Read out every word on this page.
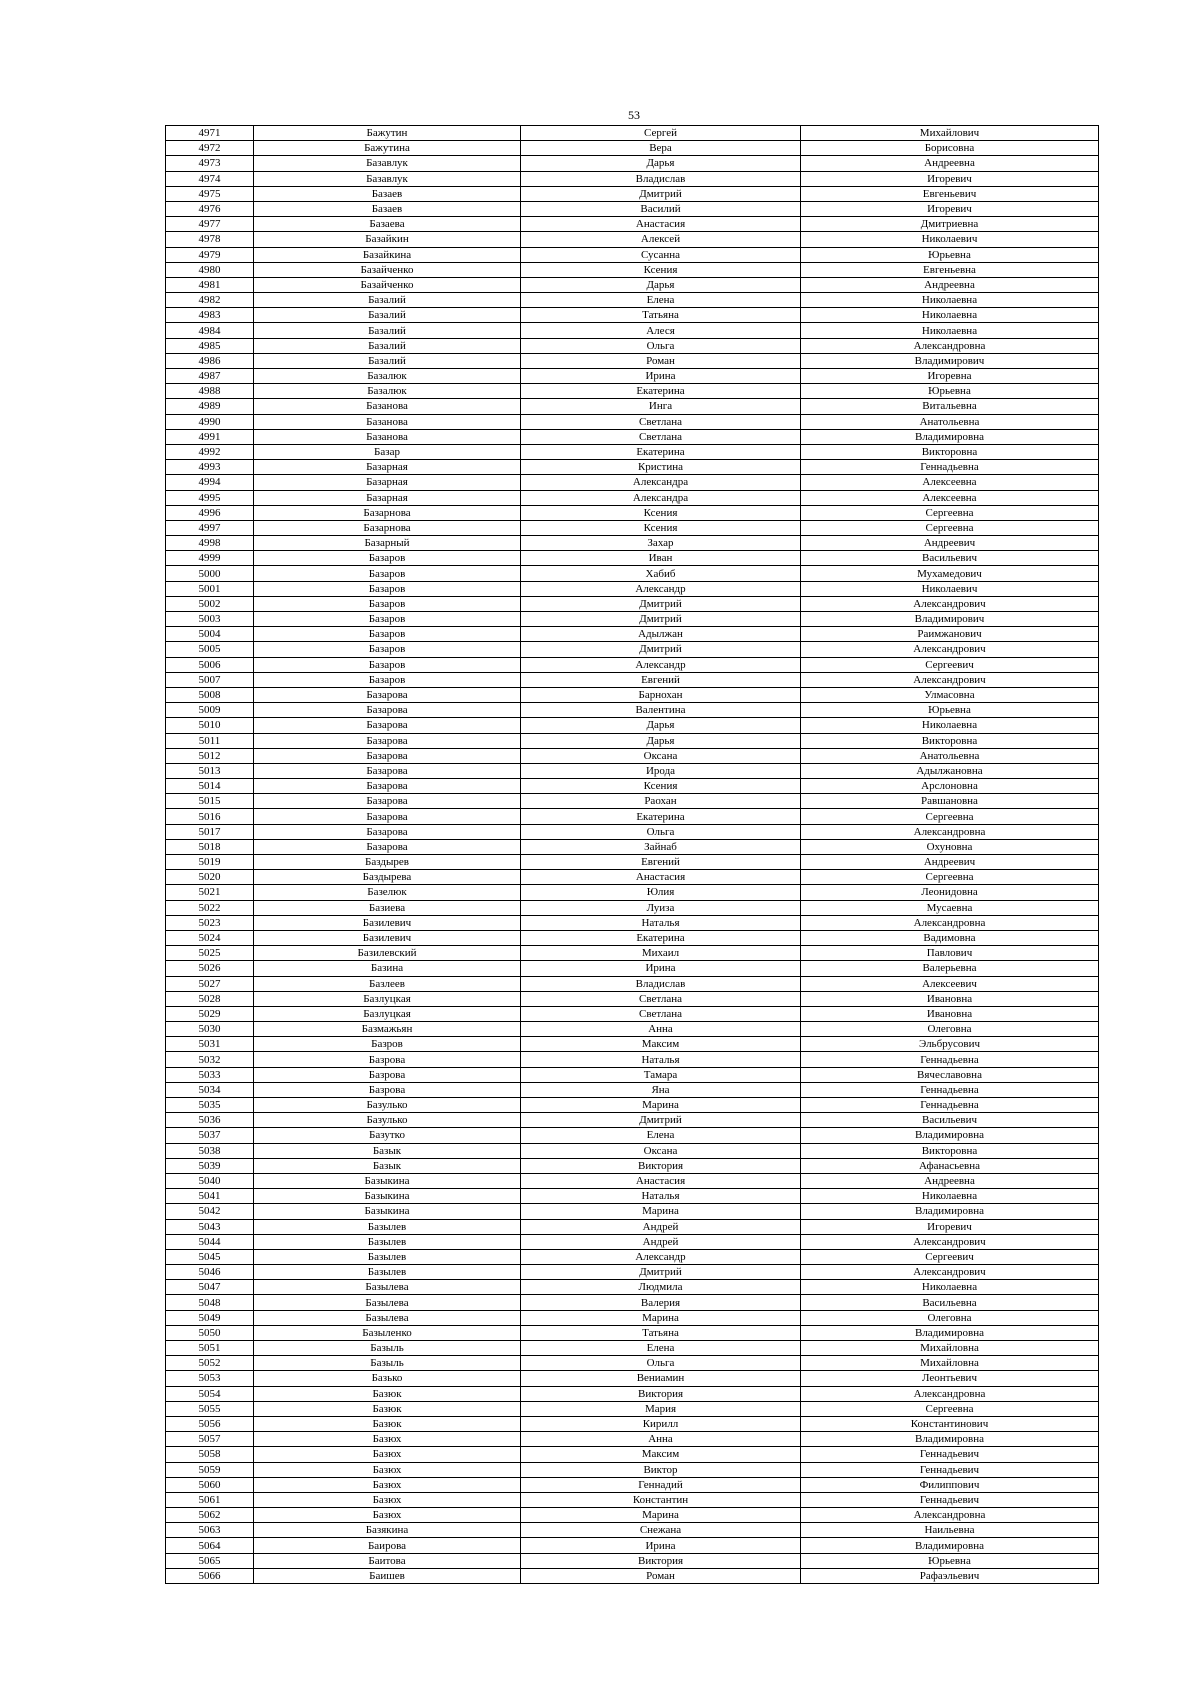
53
4971	Бажутин	Сергей	Михайлович
4972	Бажутина	Вера	Борисовна
4973	Базавлук	Дарья	Андреевна
4974	Базавлук	Владислав	Игоревич
4975	Базаев	Дмитрий	Евгеньевич
4976	Базаев	Василий	Игоревич
4977	Базаева	Анастасия	Дмитриевна
4978	Базайкин	Алексей	Николаевич
4979	Базайкина	Сусанна	Юрьевна
4980	Базайченко	Ксения	Евгеньевна
4981	Базайченко	Дарья	Андреевна
4982	Базалий	Елена	Николаевна
4983	Базалий	Татьяна	Николаевна
4984	Базалий	Алеся	Николаевна
4985	Базалий	Ольга	Александровна
4986	Базалий	Роман	Владимирович
4987	Базалюк	Ирина	Игоревна
4988	Базалюк	Екатерина	Юрьевна
4989	Базанова	Инга	Витальевна
4990	Базанова	Светлана	Анатольевна
4991	Базанова	Светлана	Владимировна
4992	Базар	Екатерина	Викторовна
4993	Базарная	Кристина	Геннадьевна
4994	Базарная	Александра	Алексеевна
4995	Базарная	Александра	Алексеевна
4996	Базарнова	Ксения	Сергеевна
4997	Базарнова	Ксения	Сергеевна
4998	Базарный	Захар	Андреевич
4999	Базаров	Иван	Васильевич
5000	Базаров	Хабиб	Мухамедович
5001	Базаров	Александр	Николаевич
5002	Базаров	Дмитрий	Александрович
5003	Базаров	Дмитрий	Владимирович
5004	Базаров	Адылжан	Раимжанович
5005	Базаров	Дмитрий	Александрович
5006	Базаров	Александр	Сергеевич
5007	Базаров	Евгений	Александрович
5008	Базарова	Барнохан	Улмасовна
5009	Базарова	Валентина	Юрьевна
5010	Базарова	Дарья	Николаевна
5011	Базарова	Дарья	Викторовна
5012	Базарова	Оксана	Анатольевна
5013	Базарова	Ирода	Адылжановна
5014	Базарова	Ксения	Арслоновна
5015	Базарова	Раохан	Равшановна
5016	Базарова	Екатерина	Сергеевна
5017	Базарова	Ольга	Александровна
5018	Базарова	Зайнаб	Охуновна
5019	Баздырев	Евгений	Андреевич
5020	Баздырева	Анастасия	Сергеевна
5021	Базелюк	Юлия	Леонидовна
5022	Базиева	Луиза	Мусаевна
5023	Базилевич	Наталья	Александровна
5024	Базилевич	Екатерина	Вадимовна
5025	Базилевский	Михаил	Павлович
5026	Базина	Ирина	Валерьевна
5027	Базлеев	Владислав	Алексеевич
5028	Базлуцкая	Светлана	Ивановна
5029	Базлуцкая	Светлана	Ивановна
5030	Базмажьян	Анна	Олеговна
5031	Базров	Максим	Эльбрусович
5032	Базрова	Наталья	Геннадьевна
5033	Базрова	Тамара	Вячеславовна
5034	Базрова	Яна	Геннадьевна
5035	Базулько	Марина	Геннадьевна
5036	Базулько	Дмитрий	Васильевич
5037	Базутко	Елена	Владимировна
5038	Базык	Оксана	Викторовна
5039	Базык	Виктория	Афанасьевна
5040	Базыкина	Анастасия	Андреевна
5041	Базыкина	Наталья	Николаевна
5042	Базыкина	Марина	Владимировна
5043	Базылев	Андрей	Игоревич
5044	Базылев	Андрей	Александрович
5045	Базылев	Александр	Сергеевич
5046	Базылев	Дмитрий	Александрович
5047	Базылева	Людмила	Николаевна
5048	Базылева	Валерия	Васильевна
5049	Базылева	Марина	Олеговна
5050	Базыленко	Татьяна	Владимировна
5051	Базыль	Елена	Михайловна
5052	Базыль	Ольга	Михайловна
5053	Базько	Вениамин	Леонтьевич
5054	Базюк	Виктория	Александровна
5055	Базюк	Мария	Сергеевна
5056	Базюк	Кирилл	Константинович
5057	Базюх	Анна	Владимировна
5058	Базюх	Максим	Геннадьевич
5059	Базюх	Виктор	Геннадьевич
5060	Базюх	Геннадий	Филиппович
5061	Базюх	Константин	Геннадьевич
5062	Базюх	Марина	Александровна
5063	Базякина	Снежана	Наильевна
5064	Баирова	Ирина	Владимировна
5065	Баитова	Виктория	Юрьевна
5066	Баишев	Роман	Рафаэльевич
